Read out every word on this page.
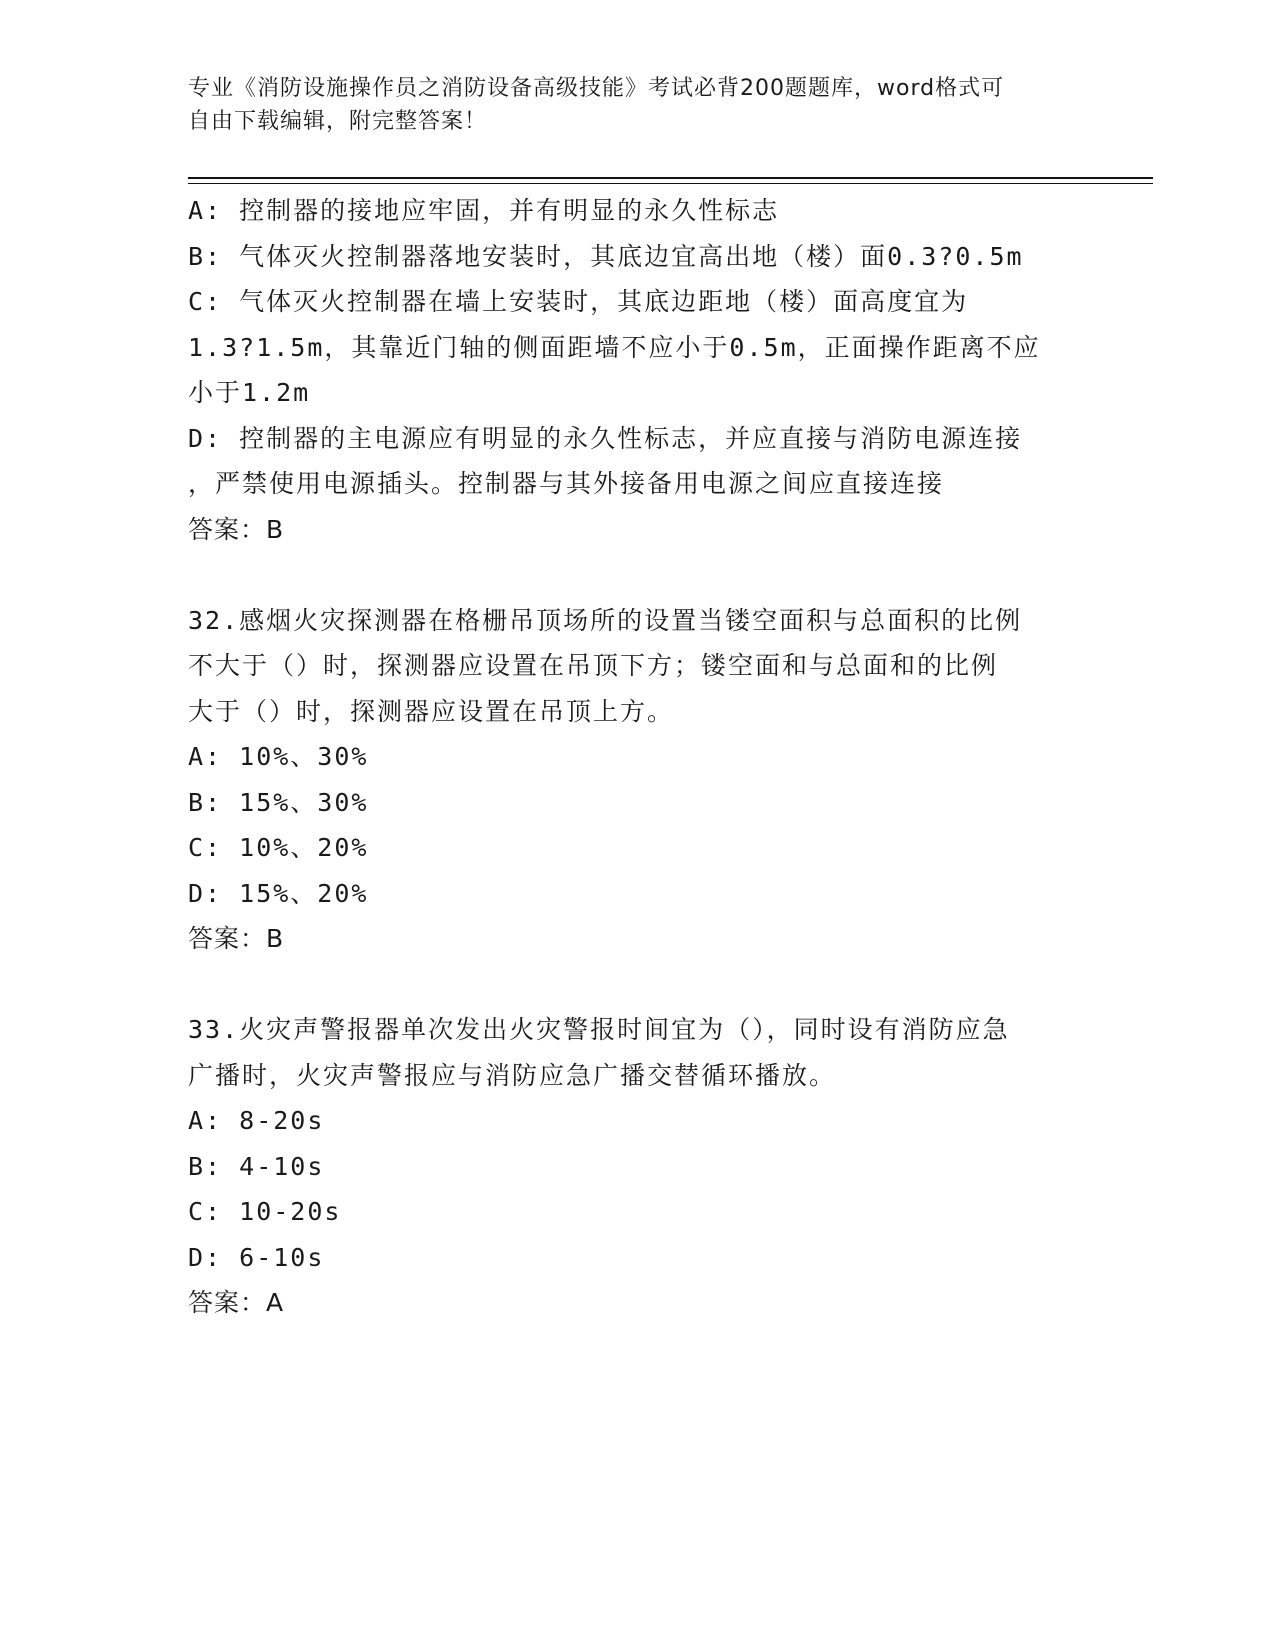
专业《消防设施操作员之消防设备高级技能》考试必背200题题库，word格式可
自由下载编辑，附完整答案！
A: 控制器的接地应牢固，并有明显的永久性标志
B: 气体灭火控制器落地安装时，其底边宜高出地（楼）面0.3?0.5m
C: 气体灭火控制器在墙上安装时，其底边距地（楼）面高度宜为
1.3?1.5m，其靠近门轴的侧面距墙不应小于0.5m，正面操作距离不应
小于1.2m
D: 控制器的主电源应有明显的永久性标志，并应直接与消防电源连接
，严禁使用电源插头。控制器与其外接备用电源之间应直接连接
答案：B
32.感烟火灾探测器在格栅吊顶场所的设置当镂空面积与总面积的比例
不大于（）时，探测器应设置在吊顶下方；镂空面和与总面和的比例
大于（）时，探测器应设置在吊顶上方。
A: 10%、30%
B: 15%、30%
C: 10%、20%
D: 15%、20%
答案：B
33.火灾声警报器单次发出火灾警报时间宜为（），同时设有消防应急
广播时，火灾声警报应与消防应急广播交替循环播放。
A: 8-20s
B: 4-10s
C: 10-20s
D: 6-10s
答案：A
